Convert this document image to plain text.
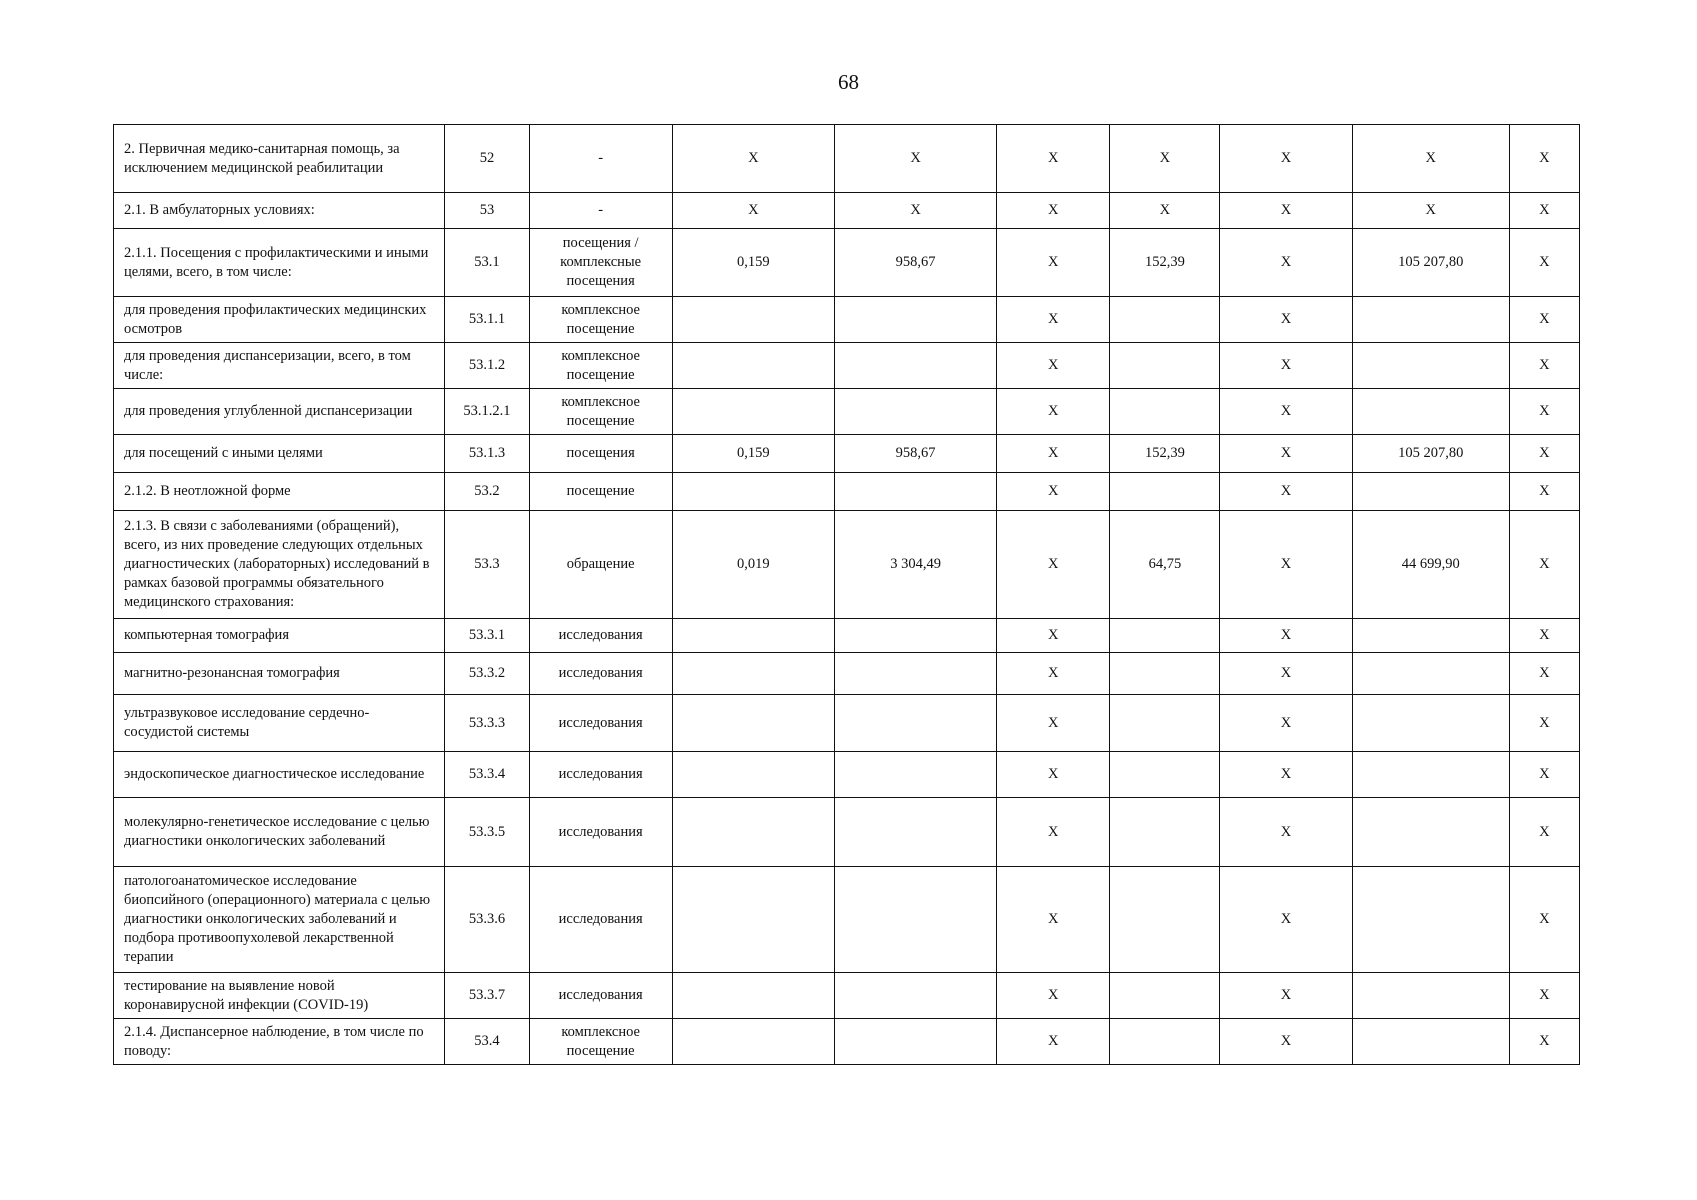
68
2. Первичная медико-санитарная помощь, за исключением медицинской реабилитации	52	-	X	X	X	X	X	X	X
2.1. В амбулаторных условиях:	53	-	X	X	X	X	X	X	X
2.1.1. Посещения с профилактическими и иными целями, всего, в том числе:	53.1	посещения / комплексные посещения	0,159	958,67	X	152,39	X	105 207,80	X
для проведения профилактических медицинских осмотров	53.1.1	комплексное посещение			X		X		X
для проведения диспансеризации, всего, в том числе:	53.1.2	комплексное посещение			X		X		X
для проведения углубленной диспансеризации	53.1.2.1	комплексное посещение			X		X		X
для посещений с иными целями	53.1.3	посещения	0,159	958,67	X	152,39	X	105 207,80	X
2.1.2. В неотложной форме	53.2	посещение			X		X		X
2.1.3. В связи с заболеваниями (обращений), всего, из них проведение следующих отдельных диагностических (лабораторных) исследований в рамках базовой программы обязательного медицинского страхования:	53.3	обращение	0,019	3 304,49	X	64,75	X	44 699,90	X
компьютерная томография	53.3.1	исследования			X		X		X
магнитно-резонансная томография	53.3.2	исследования			X		X		X
ультразвуковое исследование сердечно-сосудистой системы	53.3.3	исследования			X		X		X
эндоскопическое диагностическое исследование	53.3.4	исследования			X		X		X
молекулярно-генетическое исследование с целью диагностики онкологических заболеваний	53.3.5	исследования			X		X		X
патологоанатомическое исследование биопсийного (операционного) материала с целью диагностики онкологических заболеваний и подбора противоопухолевой лекарственной терапии	53.3.6	исследования			X		X		X
тестирование на выявление новой коронавирусной инфекции (COVID-19)	53.3.7	исследования			X		X		X
2.1.4. Диспансерное наблюдение, в том числе по поводу:	53.4	комплексное посещение			X		X		X
